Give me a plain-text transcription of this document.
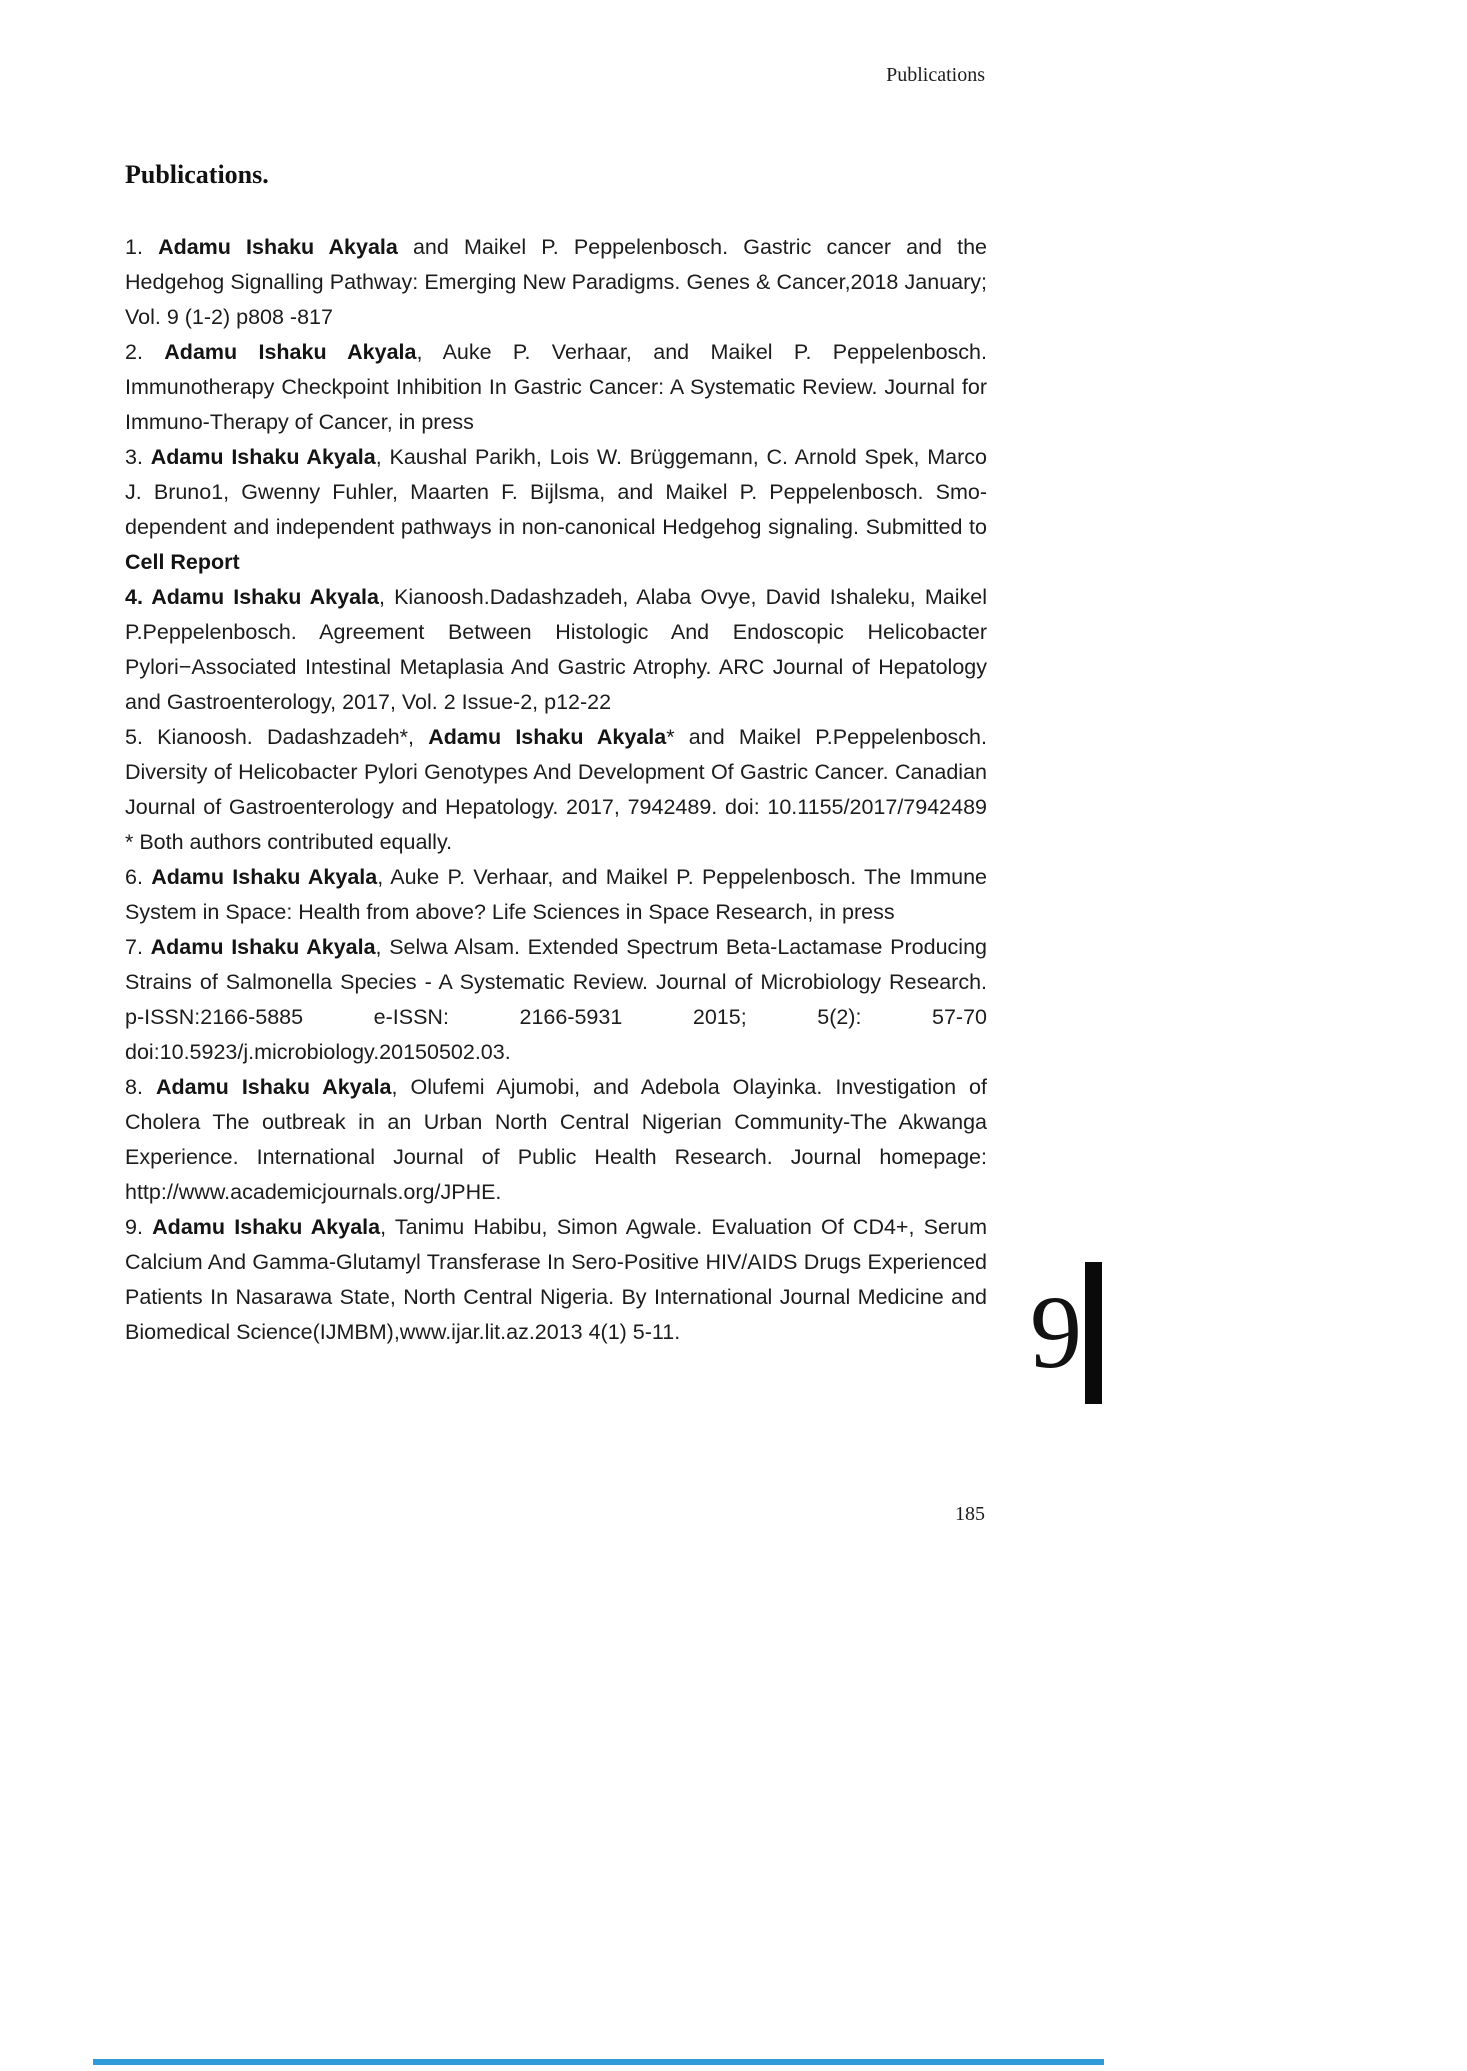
Publications
Publications.

1. Adamu Ishaku Akyala and Maikel P. Peppelenbosch. Gastric cancer and the Hedgehog Signalling Pathway: Emerging New Paradigms. Genes & Cancer,2018 January; Vol. 9 (1-2) p808 -817

2. Adamu Ishaku Akyala, Auke P. Verhaar, and Maikel P. Peppelenbosch. Immunotherapy Checkpoint Inhibition In Gastric Cancer: A Systematic Review. Journal for Immuno-Therapy of Cancer, in press

3. Adamu Ishaku Akyala, Kaushal Parikh, Lois W. Brüggemann, C. Arnold Spek, Marco J. Bruno1, Gwenny Fuhler, Maarten F. Bijlsma, and Maikel P. Peppelenbosch. Smo-dependent and independent pathways in non-canonical Hedgehog signaling. Submitted to Cell Report

4. Adamu Ishaku Akyala, Kianoosh.Dadashzadeh, Alaba Ovye, David Ishaleku, Maikel P.Peppelenbosch. Agreement Between Histologic And Endoscopic Helicobacter Pylori−Associated Intestinal Metaplasia And Gastric Atrophy. ARC Journal of Hepatology and Gastroenterology, 2017, Vol. 2 Issue-2, p12-22

5. Kianoosh. Dadashzadeh*, Adamu Ishaku Akyala* and Maikel P.Peppelenbosch. Diversity of Helicobacter Pylori Genotypes And Development Of Gastric Cancer. Canadian Journal of Gastroenterology and Hepatology. 2017, 7942489. doi: 10.1155/2017/7942489 * Both authors contributed equally.

6. Adamu Ishaku Akyala, Auke P. Verhaar, and Maikel P. Peppelenbosch. The Immune System in Space: Health from above? Life Sciences in Space Research, in press

7. Adamu Ishaku Akyala, Selwa Alsam. Extended Spectrum Beta-Lactamase Producing Strains of Salmonella Species - A Systematic Review. Journal of Microbiology Research. p-ISSN:2166-5885 e-ISSN: 2166-5931 2015; 5(2): 57-70 doi:10.5923/j.microbiology.20150502.03.

8. Adamu Ishaku Akyala, Olufemi Ajumobi, and Adebola Olayinka. Investigation of Cholera The outbreak in an Urban North Central Nigerian Community-The Akwanga Experience. International Journal of Public Health Research. Journal homepage: http://www.academicjournals.org/JPHE.

9. Adamu Ishaku Akyala, Tanimu Habibu, Simon Agwale. Evaluation Of CD4+, Serum Calcium And Gamma-Glutamyl Transferase In Sero-Positive HIV/AIDS Drugs Experienced Patients In Nasarawa State, North Central Nigeria. By International Journal Medicine and Biomedical Science(IJMBM),www.ijar.lit.az.2013 4(1) 5-11.	9
185
